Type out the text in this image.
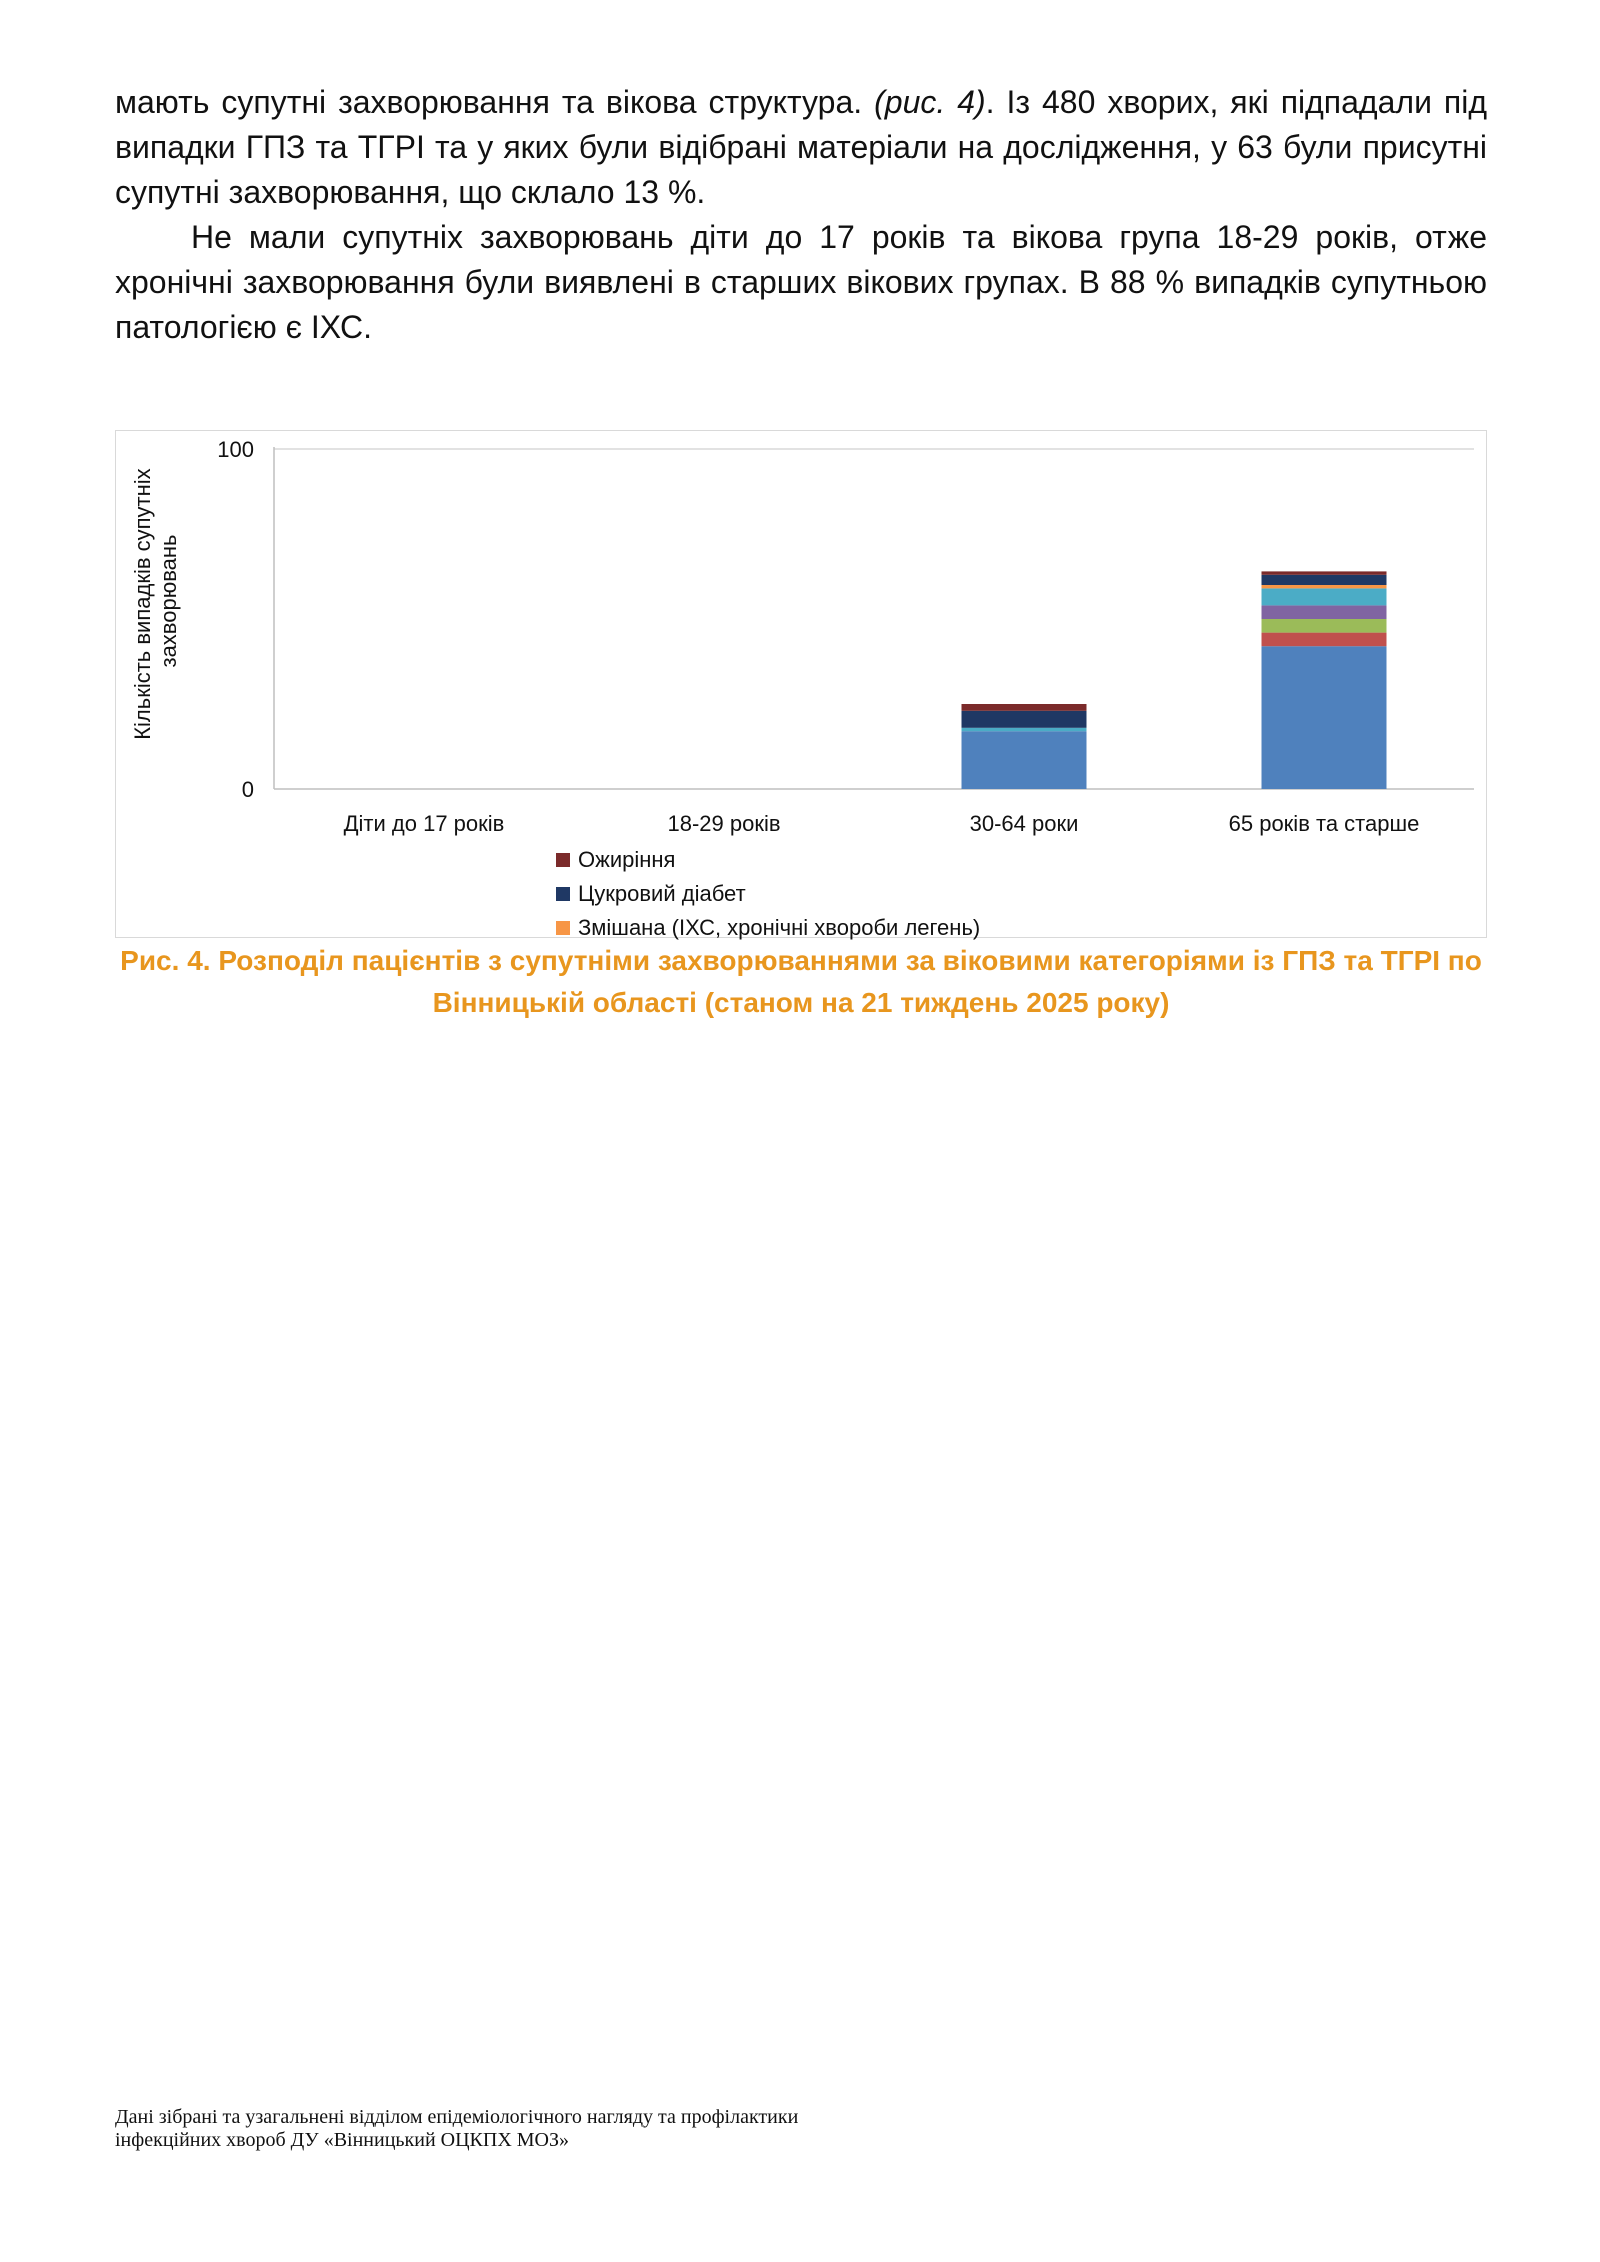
мають супутні захворювання та вікова структура. (рис. 4). Із 480 хворих, які підпадали під випадки ГПЗ та ТГРІ та у яких були відібрані матеріали на дослідження, у 63 були присутні супутні захворювання, що склало 13 %.

Не мали супутніх захворювань діти до 17 років та вікова група 18-29 років, отже хронічні захворювання були виявлені в старших вікових групах. В 88 % випадків супутньою патологією є ІХС.

Кількість випадків супутніх захворювань
0
100
Діти до 17 років	18-29 років	30-64 роки	65 років та старше
Ожиріння
Цукровий діабет
Змішана (ІХС, хронічні хвороби легень)

Рис. 4. Розподіл пацієнтів з супутніми захворюваннями за віковими категоріями із ГПЗ та ТГРІ по
Вінницькій області (станом на 21 тиждень 2025 року)

Дані зібрані та узагальнені відділом епідеміологічного нагляду та профілактики
інфекційних хвороб ДУ «Вінницький ОЦКПХ МОЗ»
